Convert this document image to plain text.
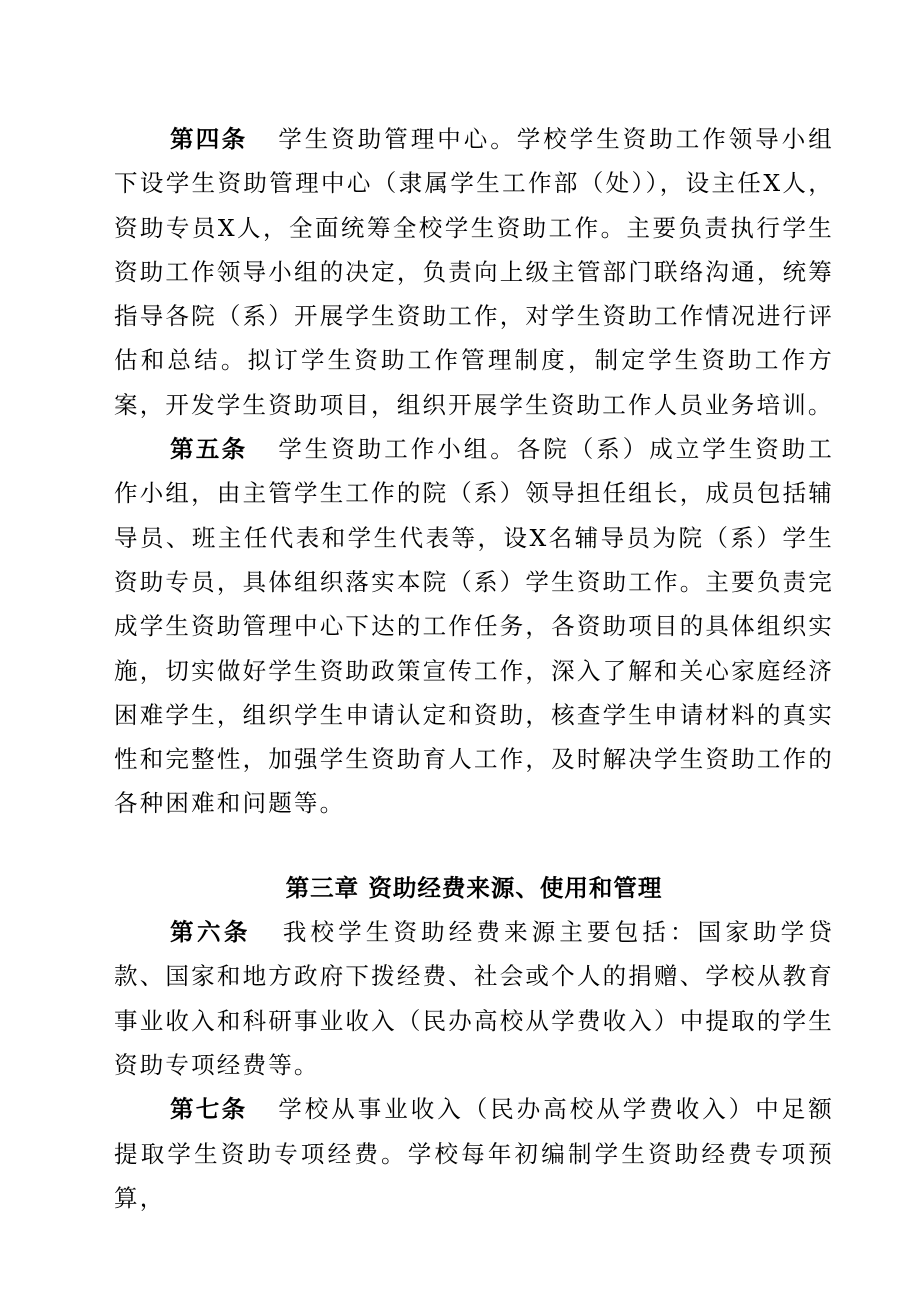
第四条 学生资助管理中心。学校学生资助工作领导小组下设学生资助管理中心（隶属学生工作部（处）），设主任X人，资助专员X人，全面统筹全校学生资助工作。主要负责执行学生资助工作领导小组的决定，负责向上级主管部门联络沟通，统筹指导各院（系）开展学生资助工作，对学生资助工作情况进行评估和总结。拟订学生资助工作管理制度，制定学生资助工作方案，开发学生资助项目，组织开展学生资助工作人员业务培训。

第五条 学生资助工作小组。各院（系）成立学生资助工作小组，由主管学生工作的院（系）领导担任组长，成员包括辅导员、班主任代表和学生代表等，设X名辅导员为院（系）学生资助专员，具体组织落实本院（系）学生资助工作。主要负责完成学生资助管理中心下达的工作任务，各资助项目的具体组织实施，切实做好学生资助政策宣传工作，深入了解和关心家庭经济困难学生，组织学生申请认定和资助，核查学生申请材料的真实性和完整性，加强学生资助育人工作，及时解决学生资助工作的各种困难和问题等。

第三章 资助经费来源、使用和管理

第六条 我校学生资助经费来源主要包括：国家助学贷款、国家和地方政府下拨经费、社会或个人的捐赠、学校从教育事业收入和科研事业收入（民办高校从学费收入）中提取的学生资助专项经费等。

第七条 学校从事业收入（民办高校从学费收入）中足额提取学生资助专项经费。学校每年初编制学生资助经费专项预算，
